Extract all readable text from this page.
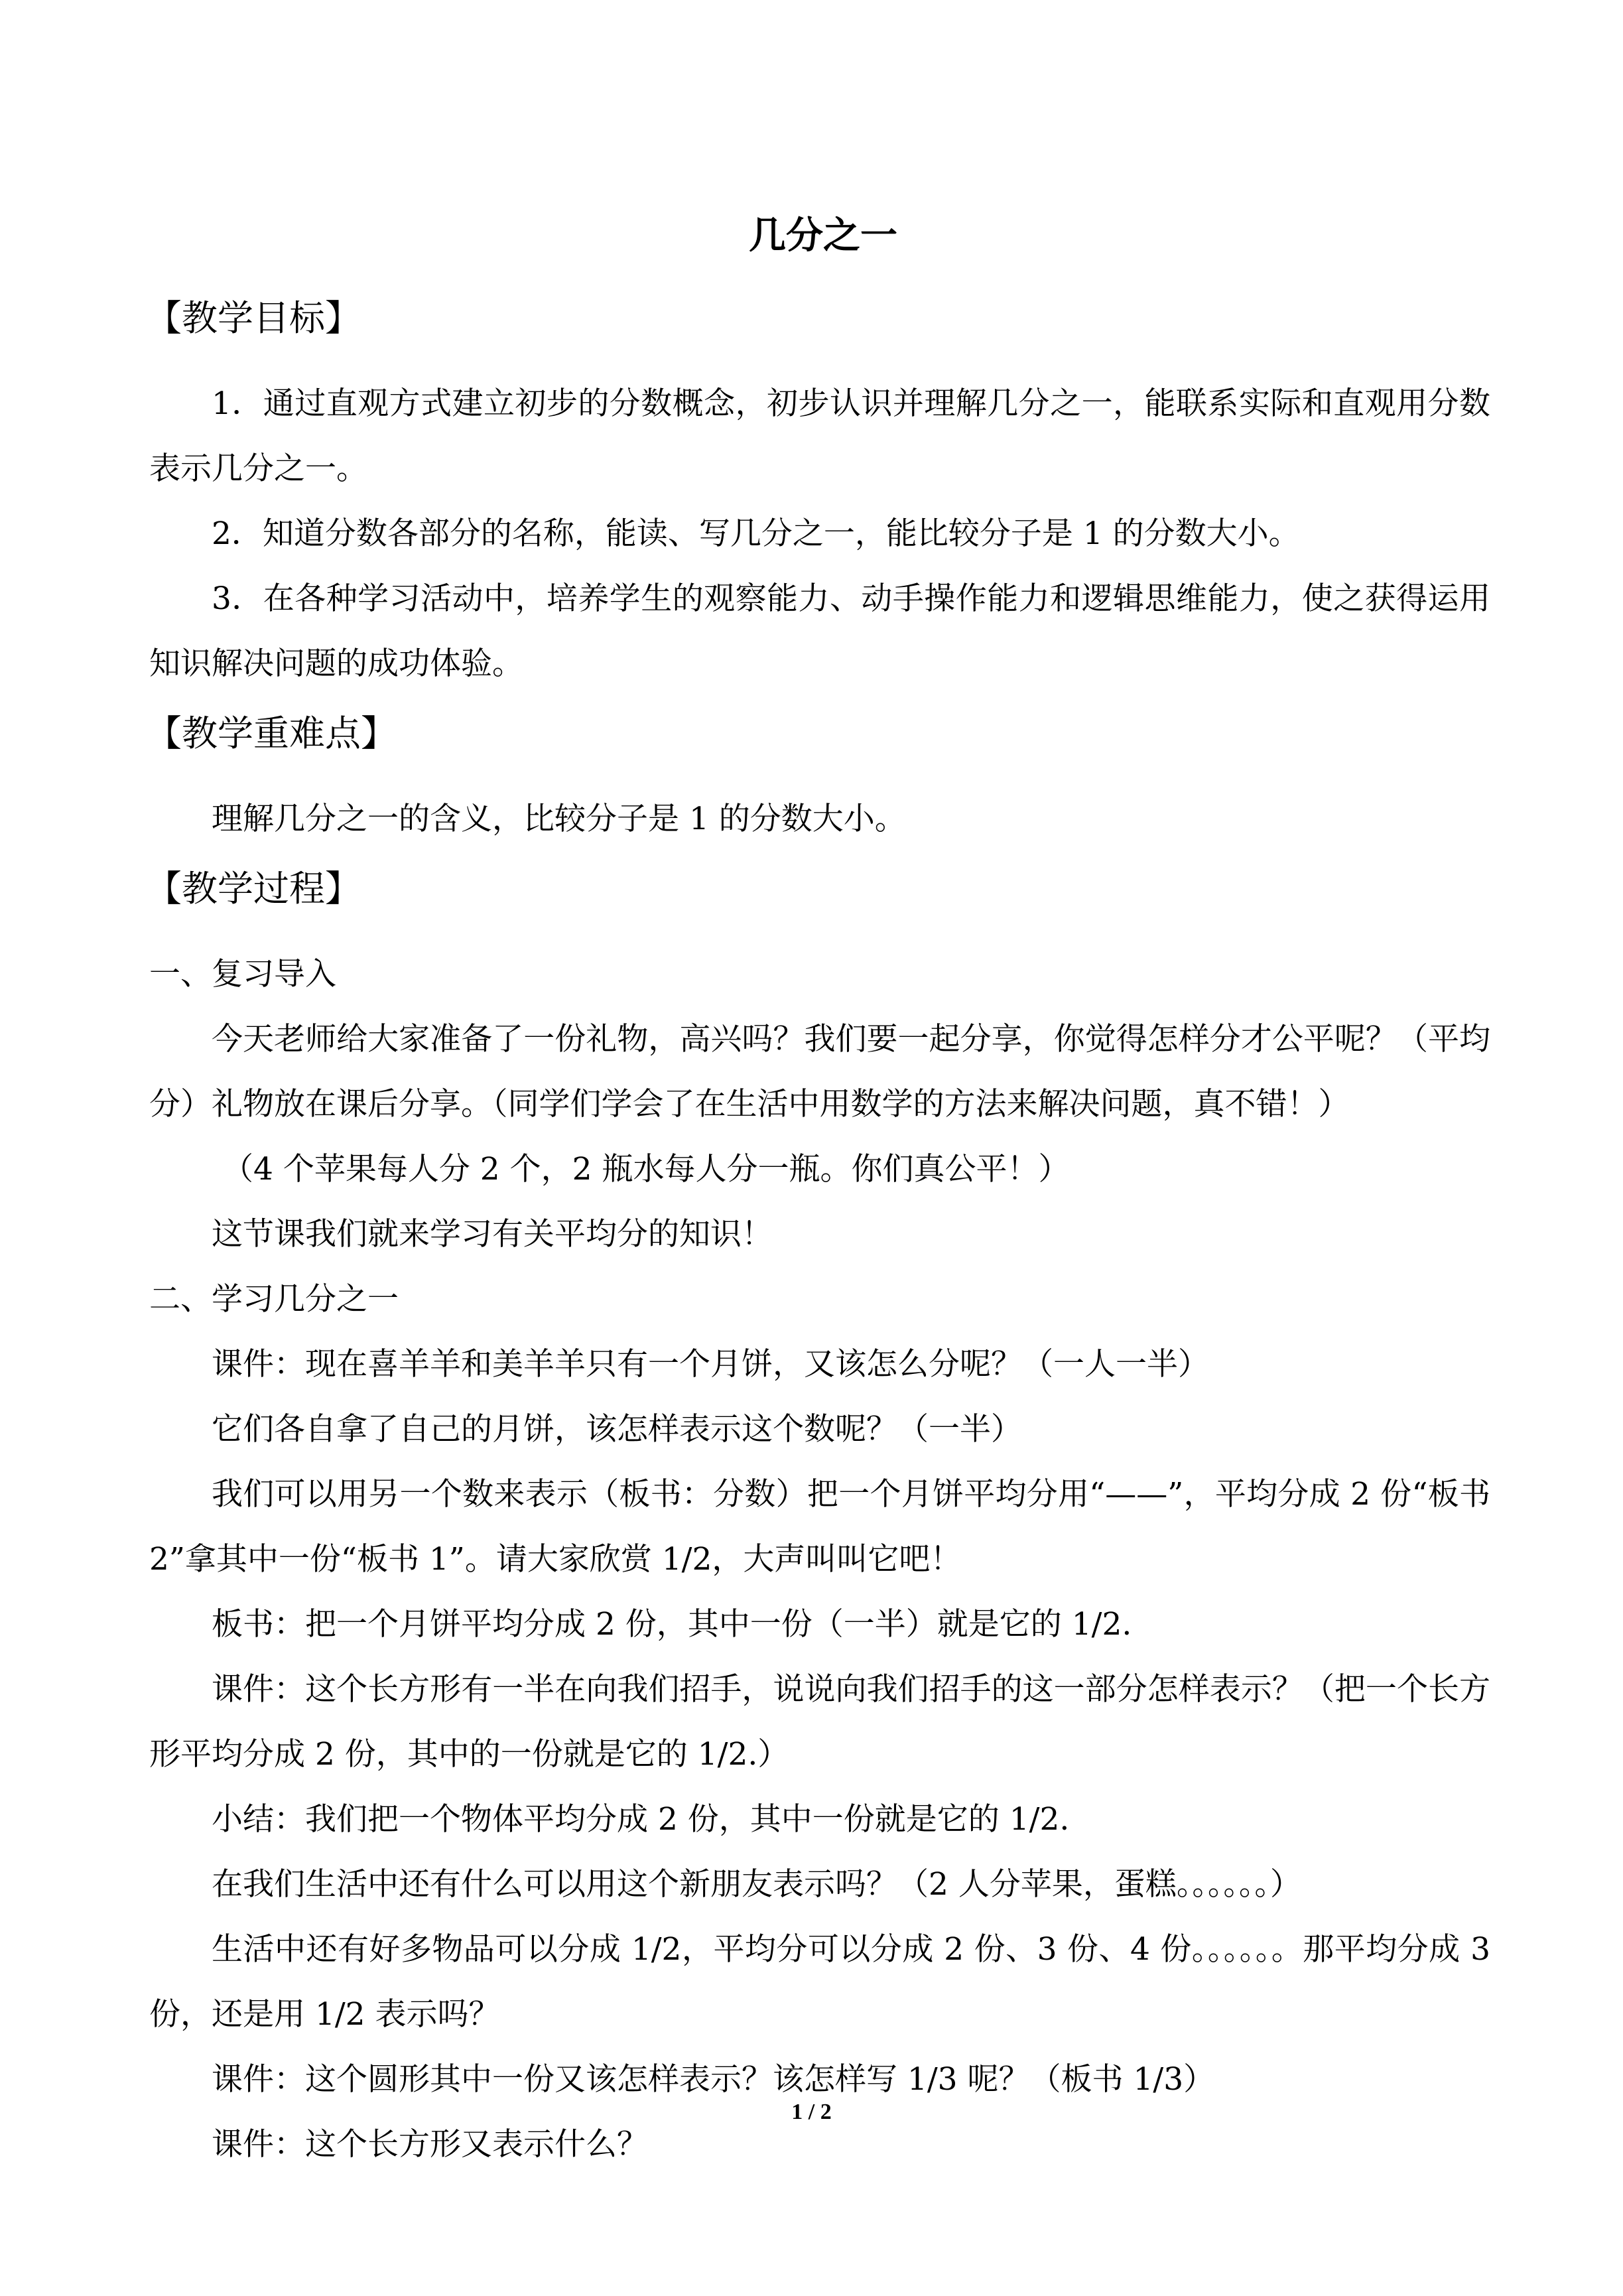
几分之一
【教学目标】

1．通过直观方式建立初步的分数概念，初步认识并理解几分之一，能联系实际和直观用分数表示几分之一。

2．知道分数各部分的名称，能读、写几分之一，能比较分子是 1 的分数大小。

3．在各种学习活动中，培养学生的观察能力、动手操作能力和逻辑思维能力，使之获得运用知识解决问题的成功体验。

【教学重难点】

理解几分之一的含义，比较分子是 1 的分数大小。

【教学过程】

一、复习导入

今天老师给大家准备了一份礼物，高兴吗？我们要一起分享，你觉得怎样分才公平呢？（平均分）礼物放在课后分享。（同学们学会了在生活中用数学的方法来解决问题，真不错！）

（4 个苹果每人分 2 个，2 瓶水每人分一瓶。你们真公平！）

这节课我们就来学习有关平均分的知识！

二、学习几分之一

课件：现在喜羊羊和美羊羊只有一个月饼，又该怎么分呢？（一人一半）

它们各自拿了自己的月饼，该怎样表示这个数呢？（一半）

我们可以用另一个数来表示（板书：分数）把一个月饼平均分用“——”，平均分成 2 份“板书 2”拿其中一份“板书 1”。请大家欣赏 1/2，大声叫叫它吧！

板书：把一个月饼平均分成 2 份，其中一份（一半）就是它的 1/2.

课件：这个长方形有一半在向我们招手，说说向我们招手的这一部分怎样表示？（把一个长方形平均分成 2 份，其中的一份就是它的 1/2.）

小结：我们把一个物体平均分成 2 份，其中一份就是它的 1/2.

在我们生活中还有什么可以用这个新朋友表示吗？（2 人分苹果，蛋糕。。。。。。）

生活中还有好多物品可以分成 1/2，平均分可以分成 2 份、3 份、4 份。。。。。。那平均分成 3 份，还是用 1/2 表示吗？

课件：这个圆形其中一份又该怎样表示？该怎样写 1/3 呢？（板书 1/3）

课件：这个长方形又表示什么？

1 / 2
